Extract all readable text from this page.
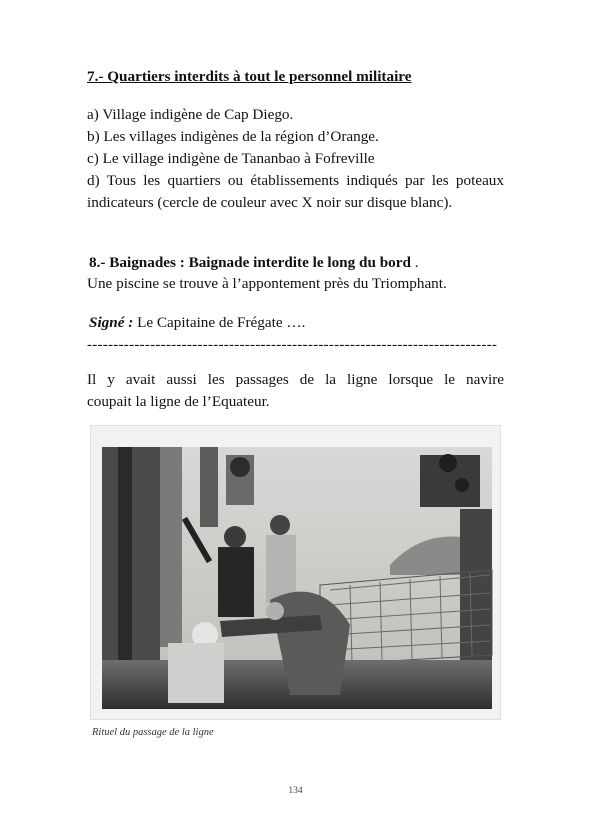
7.- Quartiers interdits à tout le personnel militaire

a) Village indigène de Cap Diego.

b) Les villages indigènes de la région d’Orange.

c) Le village indigène de Tananbao à Fofreville

d) Tous les quartiers ou établissements indiqués par les poteaux indicateurs (cercle de couleur avec X noir sur disque blanc).

8.- Baignades : Baignade interdite le long du bord .
Une piscine se trouve à l’appontement près du Triomphant.
Signé : Le Capitaine de Frégate ….
------------------------------------------------------------------------------
Il y avait aussi les passages de la ligne lorsque le navire
coupait la ligne de l’Equateur.
Rituel du passage de la ligne
134
